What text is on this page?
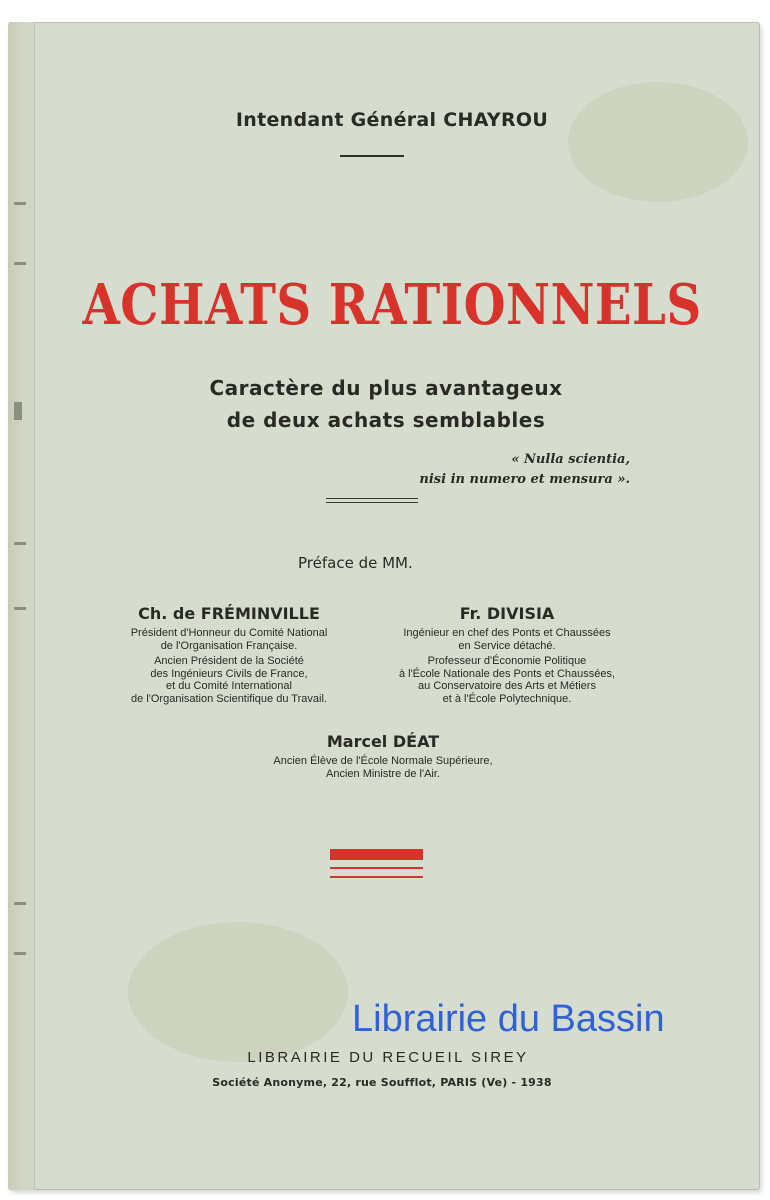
Intendant Général CHAYROU
ACHATS RATIONNELS
Caractère du plus avantageux
de deux achats semblables
« Nulla scientia,
nisi in numero et mensura ».
Préface de MM.
Ch. de FRÉMINVILLE

Président d'Honneur du Comité National
de l'Organisation Française.

Ancien Président de la Société
des Ingénieurs Civils de France,
et du Comité International
de l'Organisation Scientifique du Travail.

Fr. DIVISIA

Ingénieur en chef des Ponts et Chaussées
en Service détaché.

Professeur d'Économie Politique
à l'École Nationale des Ponts et Chaussées,
au Conservatoire des Arts et Métiers
et à l'École Polytechnique.

Marcel DÉAT

Ancien Élève de l'École Normale Supérieure,
Ancien Ministre de l'Air.

LIBRAIRIE DU RECUEIL SIREY
Société Anonyme, 22, rue Soufflot, PARIS (Ve) - 1938
Librairie du Bassin
